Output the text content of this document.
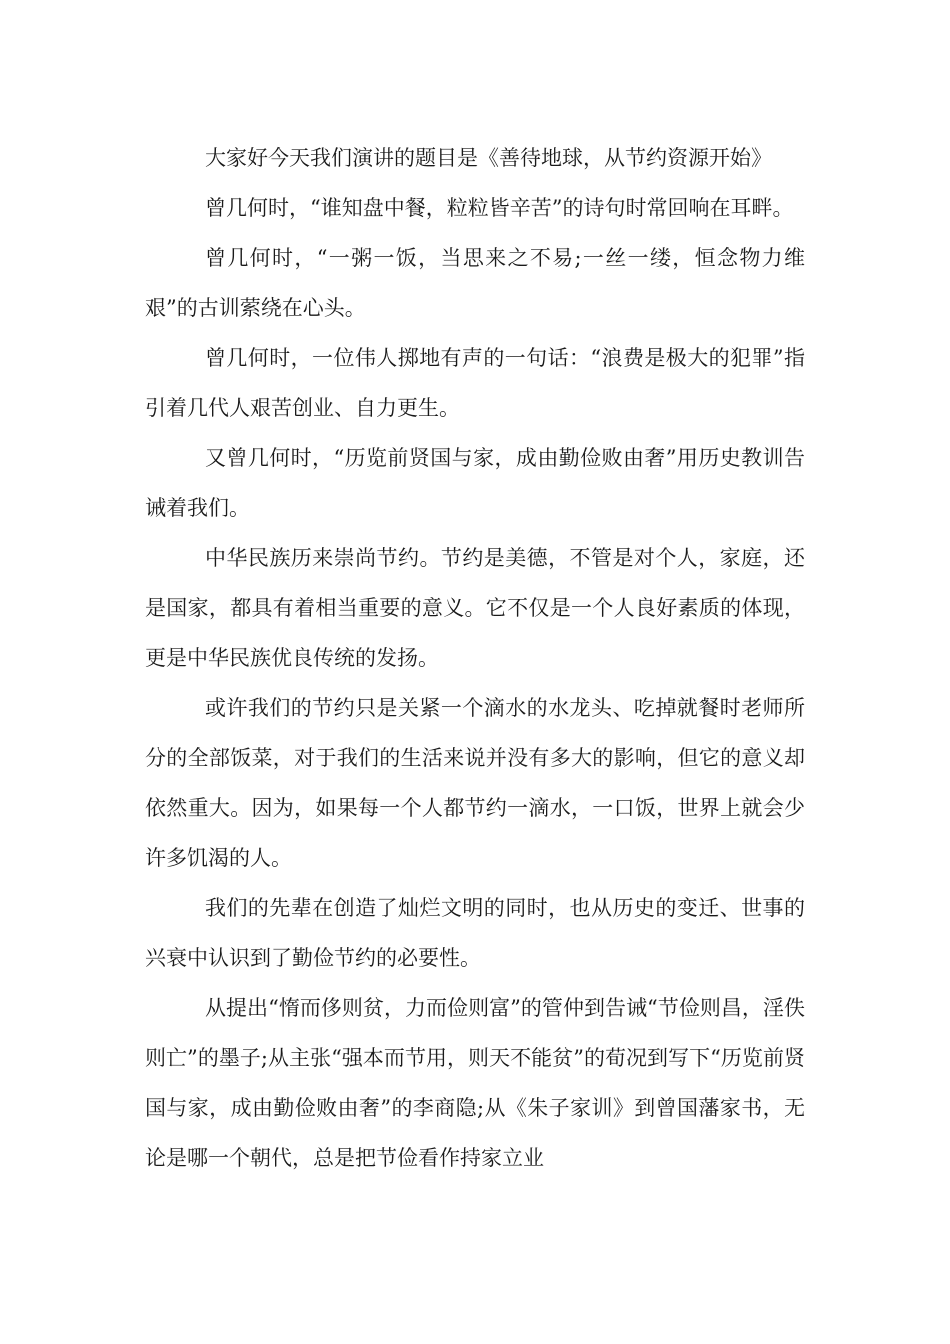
大家好今天我们演讲的题目是《善待地球，从节约资源开始》

曾几何时，“谁知盘中餐，粒粒皆辛苦”的诗句时常回响在耳畔。

曾几何时，“一粥一饭，当思来之不易;一丝一缕，恒念物力维艰”的古训萦绕在心头。

曾几何时，一位伟人掷地有声的一句话：“浪费是极大的犯罪”指引着几代人艰苦创业、自力更生。

又曾几何时，“历览前贤国与家，成由勤俭败由奢”用历史教训告诫着我们。

中华民族历来崇尚节约。节约是美德，不管是对个人，家庭，还是国家，都具有着相当重要的意义。它不仅是一个人良好素质的体现，更是中华民族优良传统的发扬。

或许我们的节约只是关紧一个滴水的水龙头、吃掉就餐时老师所分的全部饭菜，对于我们的生活来说并没有多大的影响，但它的意义却依然重大。因为，如果每一个人都节约一滴水，一口饭，世界上就会少许多饥渴的人。

我们的先辈在创造了灿烂文明的同时，也从历史的变迁、世事的兴衰中认识到了勤俭节约的必要性。

从提出“惰而侈则贫，力而俭则富”的管仲到告诫“节俭则昌，淫佚则亡”的墨子;从主张“强本而节用，则天不能贫”的荀况到写下“历览前贤国与家，成由勤俭败由奢”的李商隐;从《朱子家训》到曾国藩家书，无论是哪一个朝代，总是把节俭看作持家立业
